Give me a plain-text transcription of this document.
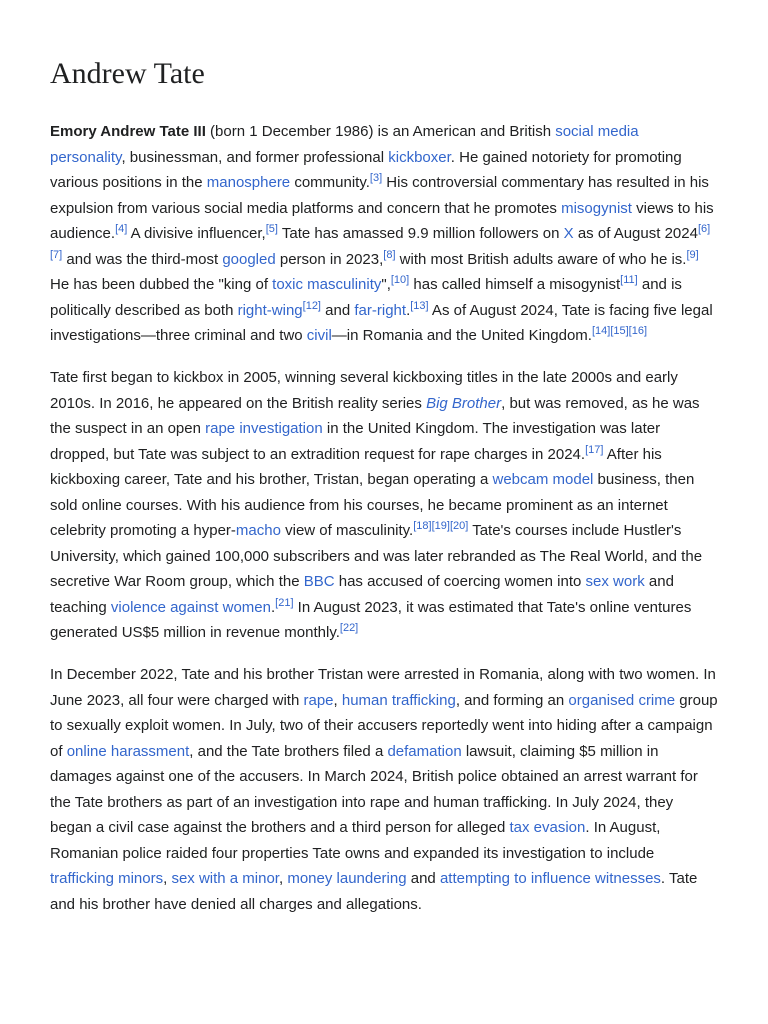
Andrew Tate

Emory Andrew Tate III (born 1 December 1986) is an American and British social media personality, businessman, and former professional kickboxer. He gained notoriety for promoting various positions in the manosphere community.[3] His controversial commentary has resulted in his expulsion from various social media platforms and concern that he promotes misogynist views to his audience.[4] A divisive influencer,[5] Tate has amassed 9.9 million followers on X as of August 2024[6][7] and was the third-most googled person in 2023,[8] with most British adults aware of who he is.[9] He has been dubbed the "king of toxic masculinity",[10] has called himself a misogynist[11] and is politically described as both right-wing[12] and far-right.[13] As of August 2024, Tate is facing five legal investigations—three criminal and two civil—in Romania and the United Kingdom.[14][15][16]

Tate first began to kickbox in 2005, winning several kickboxing titles in the late 2000s and early 2010s. In 2016, he appeared on the British reality series Big Brother, but was removed, as he was the suspect in an open rape investigation in the United Kingdom. The investigation was later dropped, but Tate was subject to an extradition request for rape charges in 2024.[17] After his kickboxing career, Tate and his brother, Tristan, began operating a webcam model business, then sold online courses. With his audience from his courses, he became prominent as an internet celebrity promoting a hyper-macho view of masculinity.[18][19][20] Tate's courses include Hustler's University, which gained 100,000 subscribers and was later rebranded as The Real World, and the secretive War Room group, which the BBC has accused of coercing women into sex work and teaching violence against women.[21] In August 2023, it was estimated that Tate's online ventures generated US$5 million in revenue monthly.[22]

In December 2022, Tate and his brother Tristan were arrested in Romania, along with two women. In June 2023, all four were charged with rape, human trafficking, and forming an organised crime group to sexually exploit women. In July, two of their accusers reportedly went into hiding after a campaign of online harassment, and the Tate brothers filed a defamation lawsuit, claiming $5 million in damages against one of the accusers. In March 2024, British police obtained an arrest warrant for the Tate brothers as part of an investigation into rape and human trafficking. In July 2024, they began a civil case against the brothers and a third person for alleged tax evasion. In August, Romanian police raided four properties Tate owns and expanded its investigation to include trafficking minors, sex with a minor, money laundering and attempting to influence witnesses. Tate and his brother have denied all charges and allegations.
